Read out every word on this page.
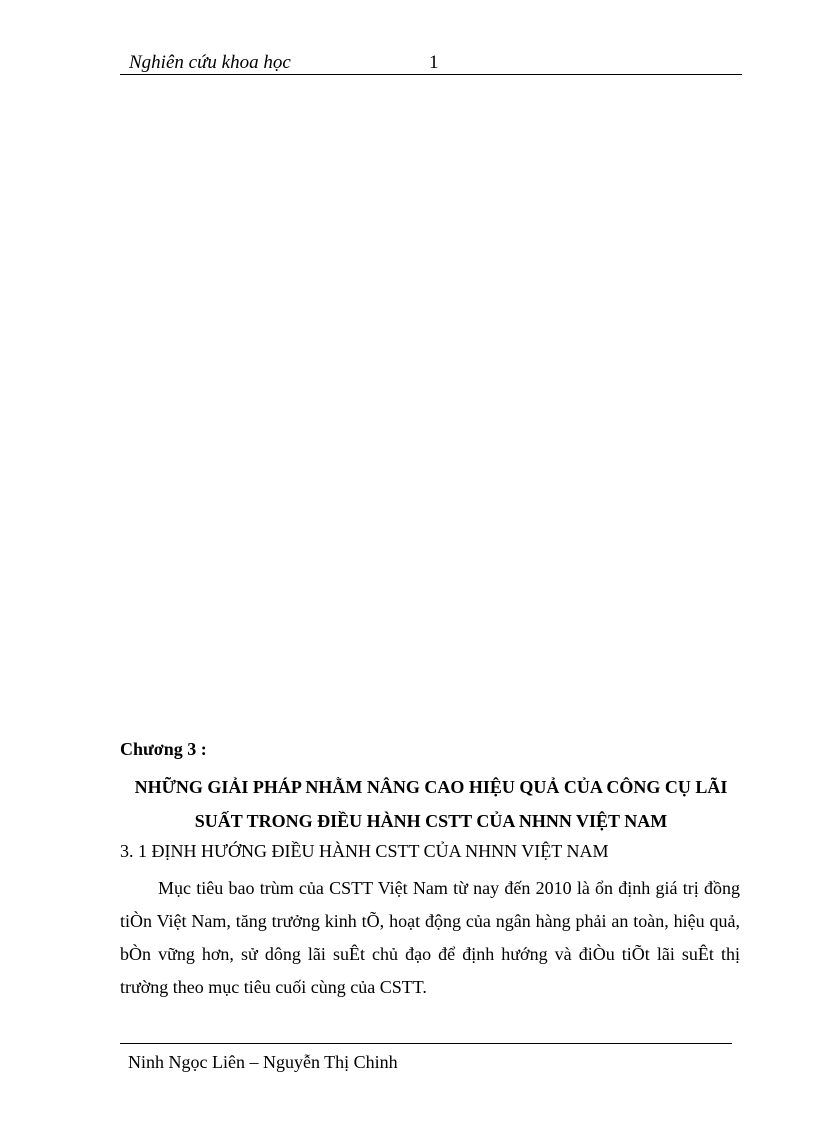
Nghiên cứu khoa học	1
Chương 3 :
NHỮNG GIẢI PHÁP NHẰM NÂNG CAO HIỆU QUẢ CỦA CÔNG CỤ LÃI SUẤT TRONG ĐIỀU HÀNH CSTT CỦA NHNN VIỆT NAM
3. 1 ĐỊNH HƯỚNG ĐIỀU HÀNH CSTT CỦA NHNN VIỆT NAM
Mục tiêu bao trùm của CSTT Việt Nam từ nay đến 2010 là ổn định giá trị đồng tiÒn Việt Nam, tăng trưởng kinh tÕ, hoạt động của ngân hàng phải an toàn, hiệu quả, bÒn vững hơn, sử dông lãi suÊt chủ đạo để định hướng và điÒu tiÕt lãi suÊt thị trường theo mục tiêu cuối cùng của CSTT.
Ninh Ngọc Liên – Nguyễn Thị Chinh
